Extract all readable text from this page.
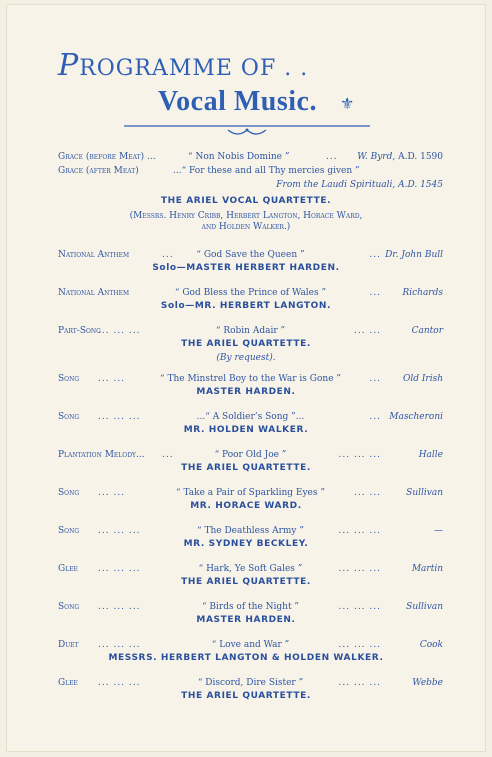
PROGRAMME OF . .
Vocal Music. ⚜
Grace (before Meat) ...	“ Non Nobis Domine ”	... W. Byrd, A.D. 1590
Grace (after Meat)	...“ For these and all Thy mercies given ”
From the Laudi Spirituali, A.D. 1545
THE ARIEL VOCAL QUARTETTE.
(Messrs. Henry Cribb, Herbert Langton, Horace Ward,
and Holden Walker.)
National Anthem	...	“ God Save the Queen ”	... Dr. John Bull
Solo—MASTER HERBERT HARDEN.
National Anthem	“ God Bless the Prince of Wales ”	... Richards
Solo—MR. HERBERT LANGTON.
Part-Song
... ... ...	“ Robin Adair ”	... ...	Cantor
THE ARIEL QUARTETTE.
(By request).
Song ... ...	“ The Minstrel Boy to the War is Gone ”	... Old Irish
MASTER HARDEN.
Song ... ... ...	...“ A Soldier’s Song ”...	... Mascheroni
MR. HOLDEN WALKER.
Plantation Melody... ...	“ Poor Old Joe ”	... ... ...	Halle
THE ARIEL QUARTETTE.
Song ... ...	“ Take a Pair of Sparkling Eyes ”	... ...	Sullivan
MR. HORACE WARD.
Song ... ... ...	“ The Deathless Army ”	... ... ...	—
MR. SYDNEY BECKLEY.
Glee ... ... ...	“ Hark, Ye Soft Gales ”	... ... ...	Martin
THE ARIEL QUARTETTE.
Song ... ... ...	“ Birds of the Night ”	... ... ...	Sullivan
MASTER HARDEN.
Duet ... ... ...	“ Love and War ”	... ... ...	Cook
MESSRS. HERBERT LANGTON & HOLDEN WALKER.
Glee ... ... ...	“ Discord, Dire Sister ”	... ... ...	Webbe
THE ARIEL QUARTETTE.
